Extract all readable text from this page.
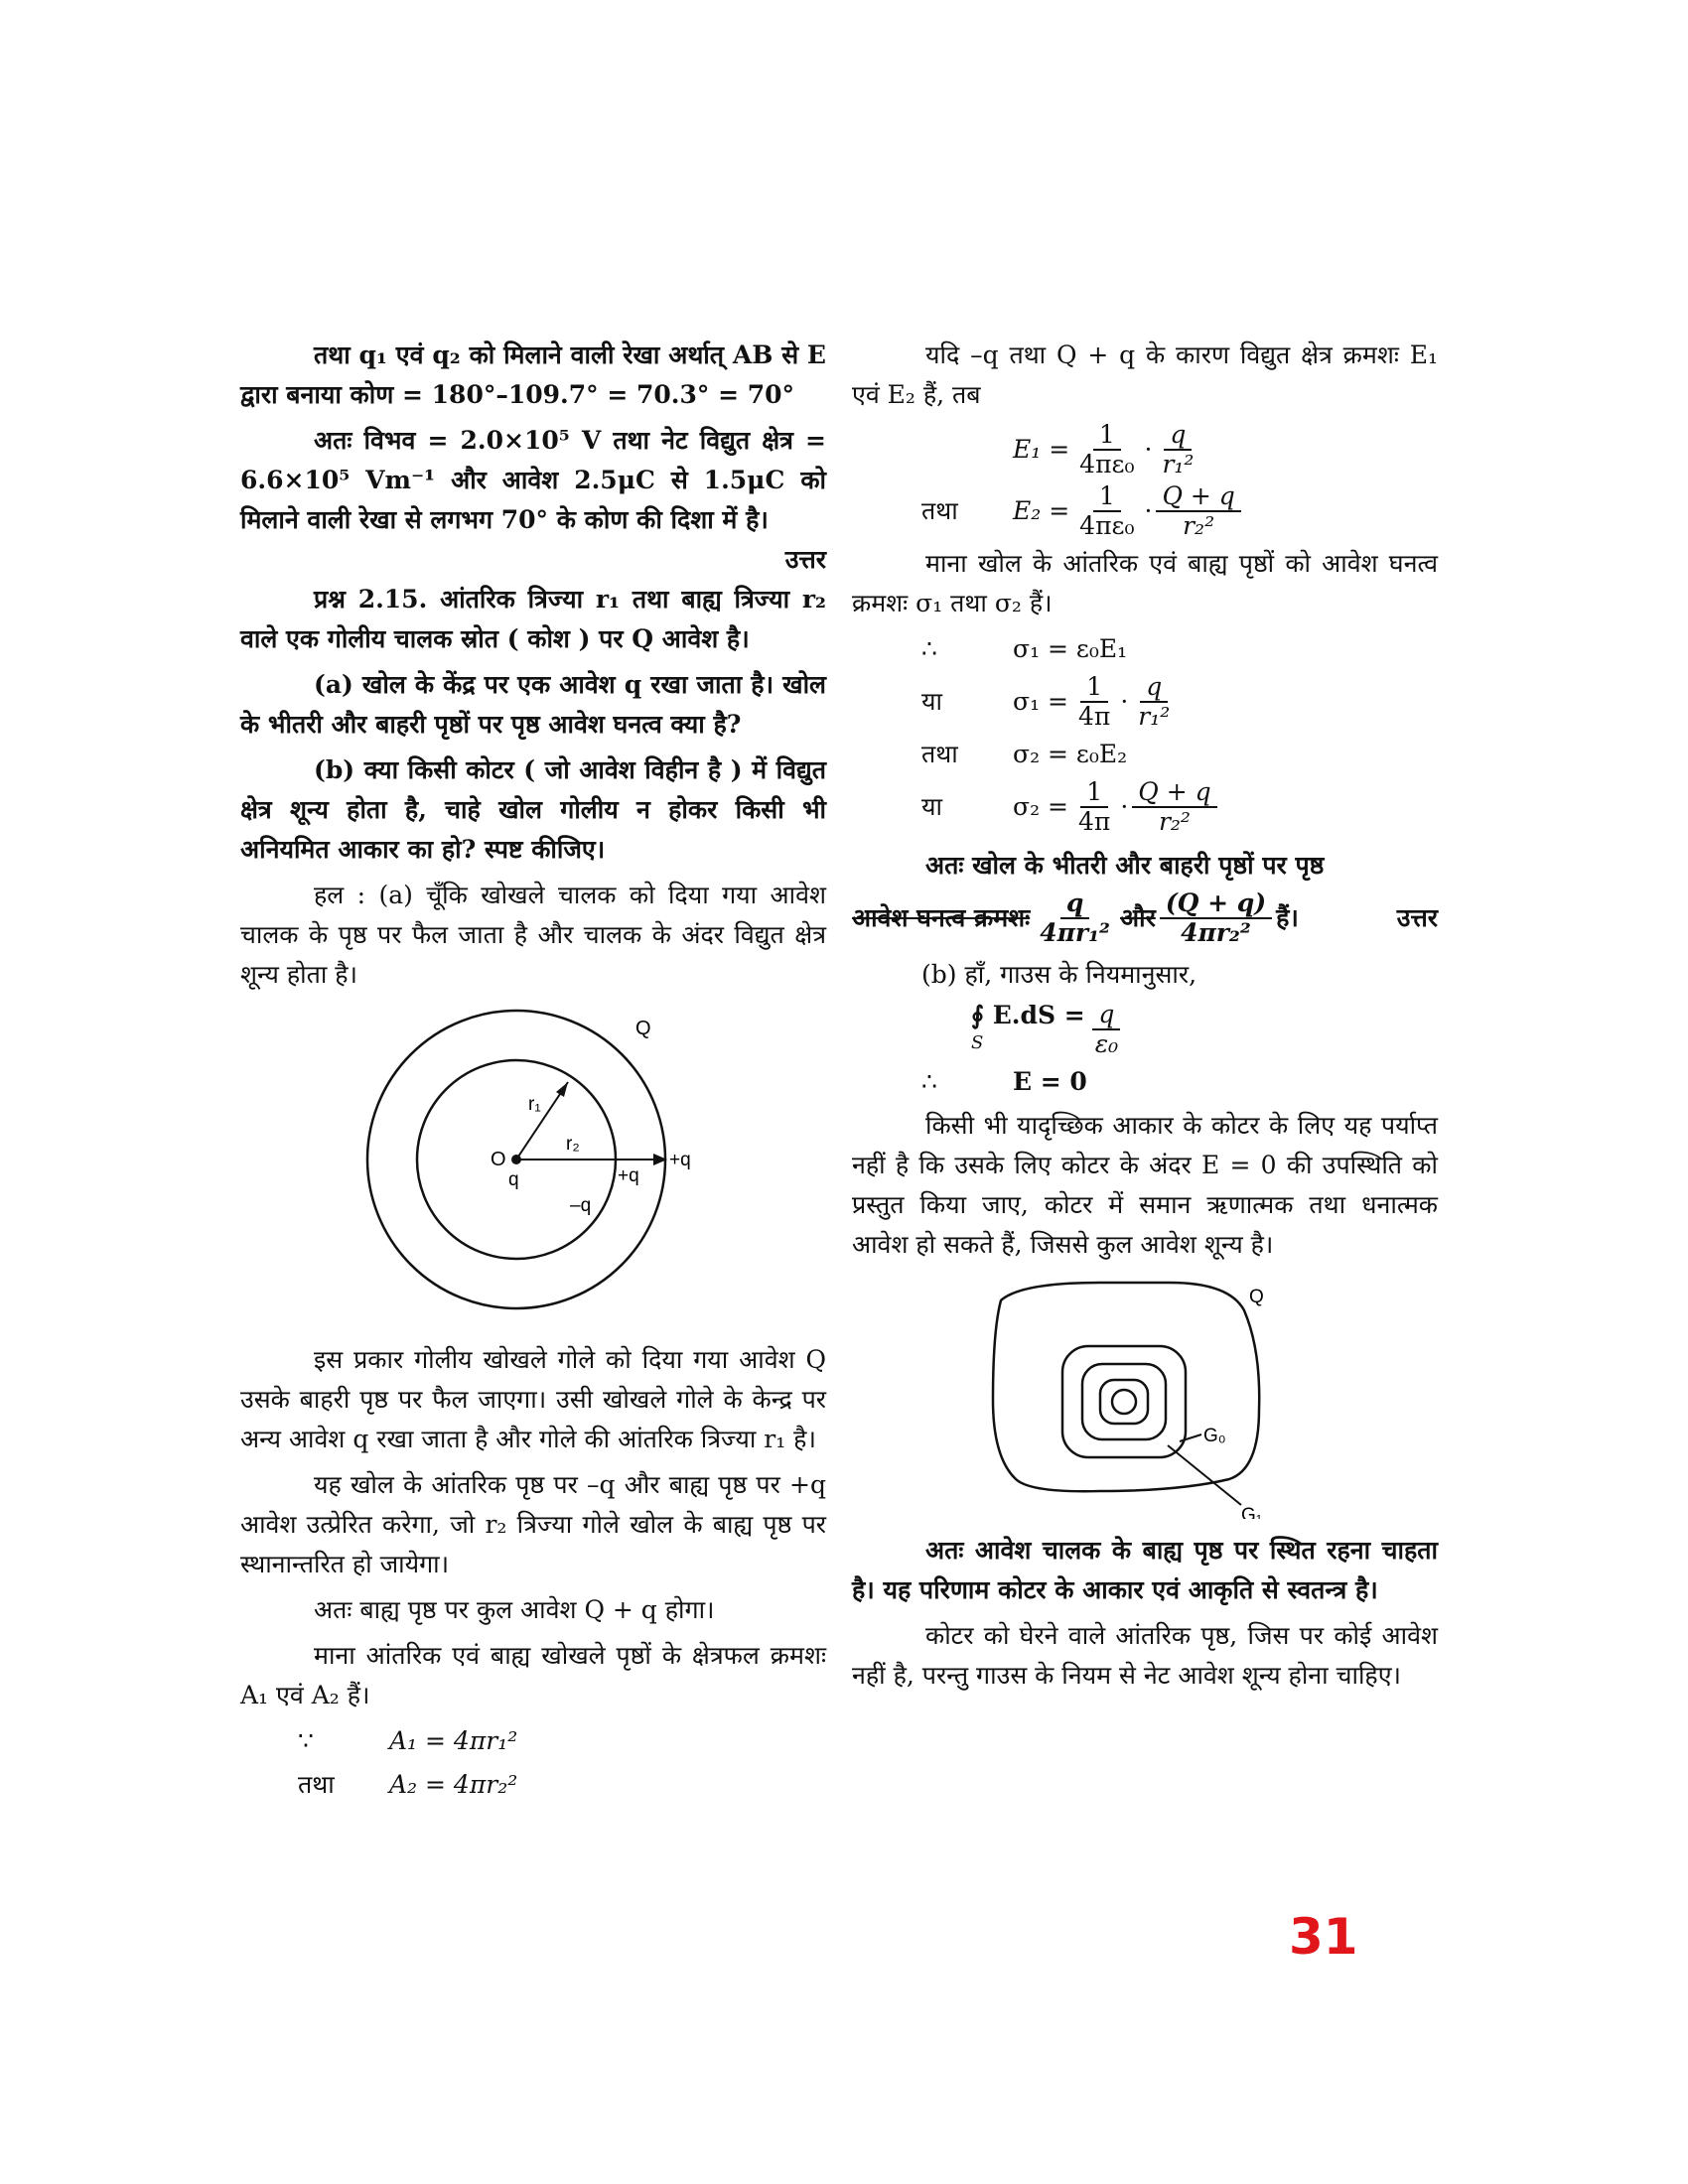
तथा q₁ एवं q₂ को मिलाने वाली रेखा अर्थात् AB से E द्वारा बनाया कोण = 180°–109.7° = 70.3° = 70°

अतः विभव = 2.0×10⁵ V तथा नेट विद्युत क्षेत्र = 6.6×10⁵ Vm⁻¹ और आवेश 2.5μC से 1.5μC को मिलाने वाली रेखा से लगभग 70° के कोण की दिशा में है।
उत्तर

प्रश्न 2.15. आंतरिक त्रिज्या r₁ तथा बाह्य त्रिज्या r₂ वाले एक गोलीय चालक स्रोत ( कोश ) पर Q आवेश है।

(a) खोल के केंद्र पर एक आवेश q रखा जाता है। खोल के भीतरी और बाहरी पृष्ठों पर पृष्ठ आवेश घनत्व क्या है?

(b) क्या किसी कोटर ( जो आवेश विहीन है ) में विद्युत क्षेत्र शून्य होता है, चाहे खोल गोलीय न होकर किसी भी अनियमित आकार का हो? स्पष्ट कीजिए।

हल : (a) चूँकि खोखले चालक को दिया गया आवेश चालक के पृष्ठ पर फैल जाता है और चालक के अंदर विद्युत क्षेत्र शून्य होता है।

Q
r₁
r₂
O
q	+q
+q
–q

इस प्रकार गोलीय खोखले गोले को दिया गया आवेश Q उसके बाहरी पृष्ठ पर फैल जाएगा। उसी खोखले गोले के केन्द्र पर अन्य आवेश q रखा जाता है और गोले की आंतरिक त्रिज्या r₁ है।

यह खोल के आंतरिक पृष्ठ पर –q और बाह्य पृष्ठ पर +q आवेश उत्प्रेरित करेगा, जो r₂ त्रिज्या गोले खोल के बाह्य पृष्ठ पर स्थानान्तरित हो जायेगा।

अतः बाह्य पृष्ठ पर कुल आवेश Q + q होगा।

माना आंतरिक एवं बाह्य खोखले पृष्ठों के क्षेत्रफल क्रमशः A₁ एवं A₂ हैं।

∵	A₁ = 4πr₁²
तथा	A₂ = 4πr₂²

यदि –q तथा Q + q के कारण विद्युत क्षेत्र क्रमशः E₁ एवं E₂ हैं, तब

$E_1 = \frac{1}{\text{4πε₀}} \cdot \frac{q}{\text{r₁²}}$
तथा	$E_2 = \frac{1}{\text{4πε₀}} \cdot \frac{Q + q}{\text{r₂²}}$

माना खोल के आंतरिक एवं बाह्य पृष्ठों को आवेश घनत्व क्रमशः σ₁ तथा σ₂ हैं।

∴	σ₁ = ε₀E₁
या	$\sigma_1 = \frac{1}{4\pi} \cdot \frac{q}{\text{r₁²}}$
तथा	σ₂ = ε₀E₂
या	$\sigma_2 = \frac{1}{4\pi} \cdot \frac{Q + q}{\text{r₂²}}$

अतः खोल के भीतरी और बाहरी पृष्ठों पर पृष्ठ

आवेश घनत्व क्रमशः $\frac{q}{\text{4πr₁²}}$ और $\frac{(Q + q)}{\text{4πr₂²}}$ हैं।	उत्तर

(b) हाँ, गाउस के नियमानुसार,

∮ E.dS =
S	$\frac{q}{\text{ε₀}}$
∴	E = 0

किसी भी यादृच्छिक आकार के कोटर के लिए यह पर्याप्त नहीं है कि उसके लिए कोटर के अंदर E = 0 की उपस्थिति को प्रस्तुत किया जाए, कोटर में समान ऋणात्मक तथा धनात्मक आवेश हो सकते हैं, जिससे कुल आवेश शून्य है।

Q
G₀
G₁

अतः आवेश चालक के बाह्य पृष्ठ पर स्थित रहना चाहता है। यह परिणाम कोटर के आकार एवं आकृति से स्वतन्त्र है।

कोटर को घेरने वाले आंतरिक पृष्ठ, जिस पर कोई आवेश नहीं है, परन्तु गाउस के नियम से नेट आवेश शून्य होना चाहिए।

31
